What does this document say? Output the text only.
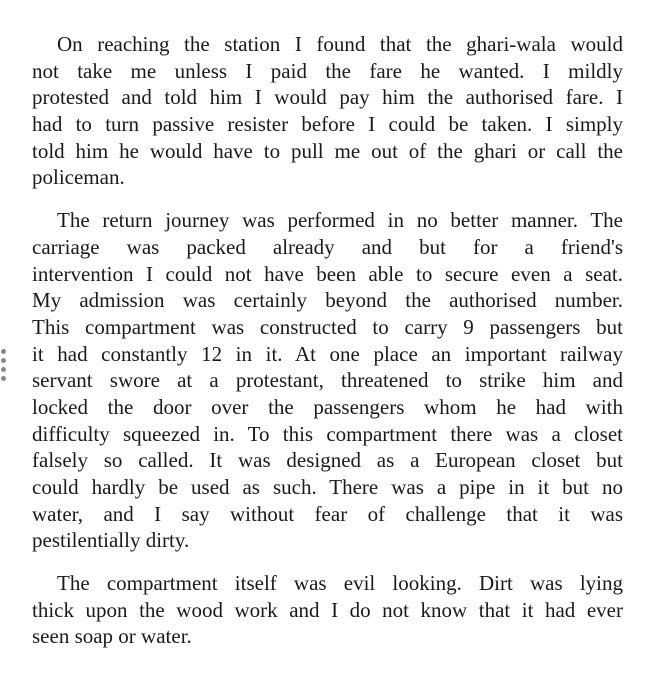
On reaching the station I found that the ghari-wala would
not take me unless I paid the fare he wanted. I mildly
protested and told him I would pay him the authorised fare. I
had to turn passive resister before I could be taken. I simply
told him he would have to pull me out of the ghari or call the
policeman.
The return journey was performed in no better manner. The
carriage was packed already and but for a friend's
intervention I could not have been able to secure even a seat.
My admission was certainly beyond the authorised number.
This compartment was constructed to carry 9 passengers but
it had constantly 12 in it. At one place an important railway
servant swore at a protestant, threatened to strike him and
locked the door over the passengers whom he had with
difficulty squeezed in. To this compartment there was a closet
falsely so called. It was designed as a European closet but
could hardly be used as such. There was a pipe in it but no
water, and I say without fear of challenge that it was
pestilentially dirty.
The compartment itself was evil looking. Dirt was lying
thick upon the wood work and I do not know that it had ever
seen soap or water.
